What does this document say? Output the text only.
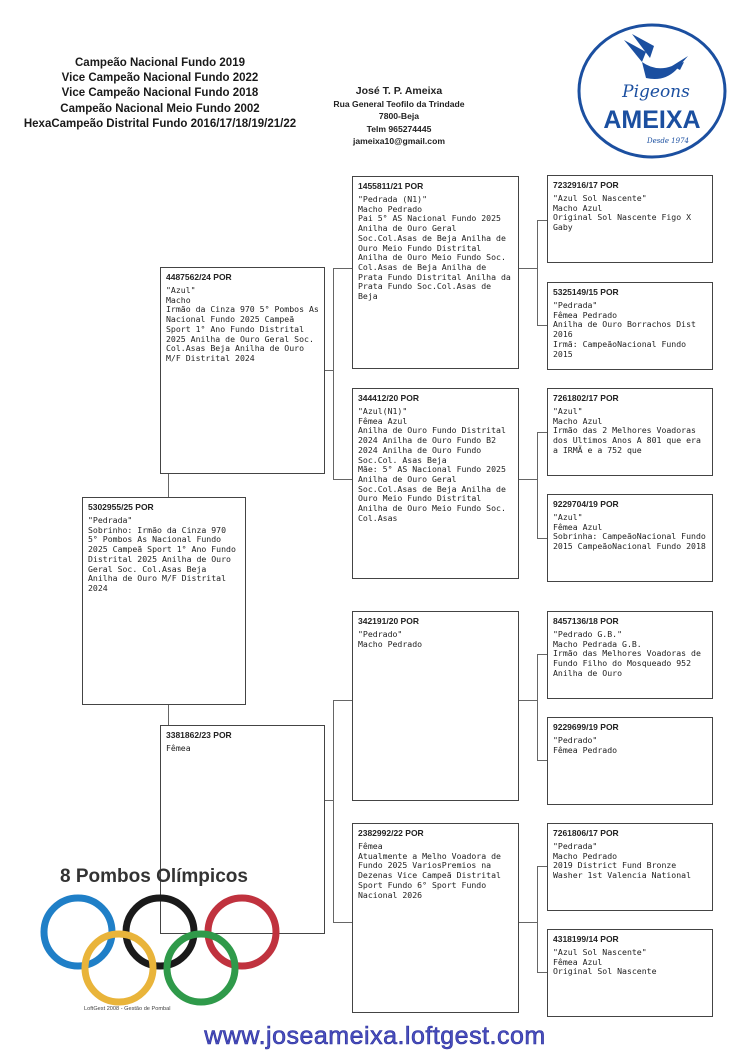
Campeão Nacional Fundo 2019
Vice Campeão Nacional Fundo 2022
Vice Campeão Nacional Fundo 2018
Campeão Nacional Meio Fundo 2002
HexaCampeão Distrital Fundo 2016/17/18/19/21/22
José T. P. Ameixa
Rua General Teofilo da Trindade
7800-Beja
Telm 965274445
jameixa10@gmail.com
Pigeons
AMEIXA
Desde 1974
5302955/25 POR
"Pedrada"
Sobrinho: Irmão da Cinza 970 5° Pombos As Nacional Fundo 2025 Campeã Sport 1° Ano Fundo Distrital 2025 Anilha de Ouro Geral Soc. Col.Asas Beja Anilha de Ouro M/F Distrital 2024
4487562/24 POR
"Azul"
Macho
Irmão da Cinza 970 5° Pombos As Nacional Fundo 2025 Campeã Sport 1° Ano Fundo Distrital 2025 Anilha de Ouro Geral Soc. Col.Asas Beja Anilha de Ouro M/F Distrital 2024
3381862/23 POR
Fêmea
1455811/21 POR
"Pedrada (N1)"
Macho Pedrado
Pai 5° AS Nacional Fundo 2025 Anilha de Ouro Geral Soc.Col.Asas de Beja Anilha de Ouro Meio Fundo Distrital Anilha de Ouro Meio Fundo Soc. Col.Asas de Beja Anilha de Prata Fundo Distrital Anilha da Prata Fundo Soc.Col.Asas de Beja
344412/20 POR
"Azul(N1)"
Fêmea Azul
Anilha de Ouro Fundo Distrital 2024 Anilha de Ouro Fundo B2 2024 Anilha de Ouro Fundo Soc.Col. Asas Beja
Mãe: 5° AS Nacional Fundo 2025 Anilha de Ouro Geral Soc.Col.Asas de Beja Anilha de Ouro Meio Fundo Distrital Anilha de Ouro Meio Fundo Soc. Col.Asas
342191/20 POR
"Pedrado"
Macho Pedrado
2382992/22 POR
Fêmea
Atualmente a Melho Voadora de Fundo 2025 VariosPremios na Dezenas Vice Campeã Distrital Sport Fundo 6° Sport Fundo Nacional 2026
7232916/17 POR
"Azul Sol Nascente"
Macho Azul
Original Sol Nascente Figo X Gaby
5325149/15 POR
"Pedrada"
Fêmea Pedrado
Anilha de Ouro Borrachos Dist 2016
Irmã: CampeãoNacional Fundo 2015
7261802/17 POR
"Azul"
Macho Azul
Irmão das 2 Melhores Voadoras dos Ultimos Anos A 801 que era a IRMÃ e a 752 que
9229704/19 POR
"Azul"
Fêmea Azul
Sobrinha: CampeãoNacional Fundo 2015 CampeãoNacional Fundo 2018
8457136/18 POR
"Pedrado G.B."
Macho Pedrada G.B.
Irmão das Melhores Voadoras de Fundo Filho do Mosqueado 952 Anilha de Ouro
9229699/19 POR
"Pedrado"
Fêmea Pedrado
7261806/17 POR
"Pedrada"
Macho Pedrado
2019 District Fund Bronze Washer 1st Valencia National
4318199/14 POR
"Azul Sol Nascente"
Fêmea Azul
Original Sol Nascente
8 Pombos Olímpicos
LoftGest 2008 - Gestão de Pombal
www.joseameixa.loftgest.com
